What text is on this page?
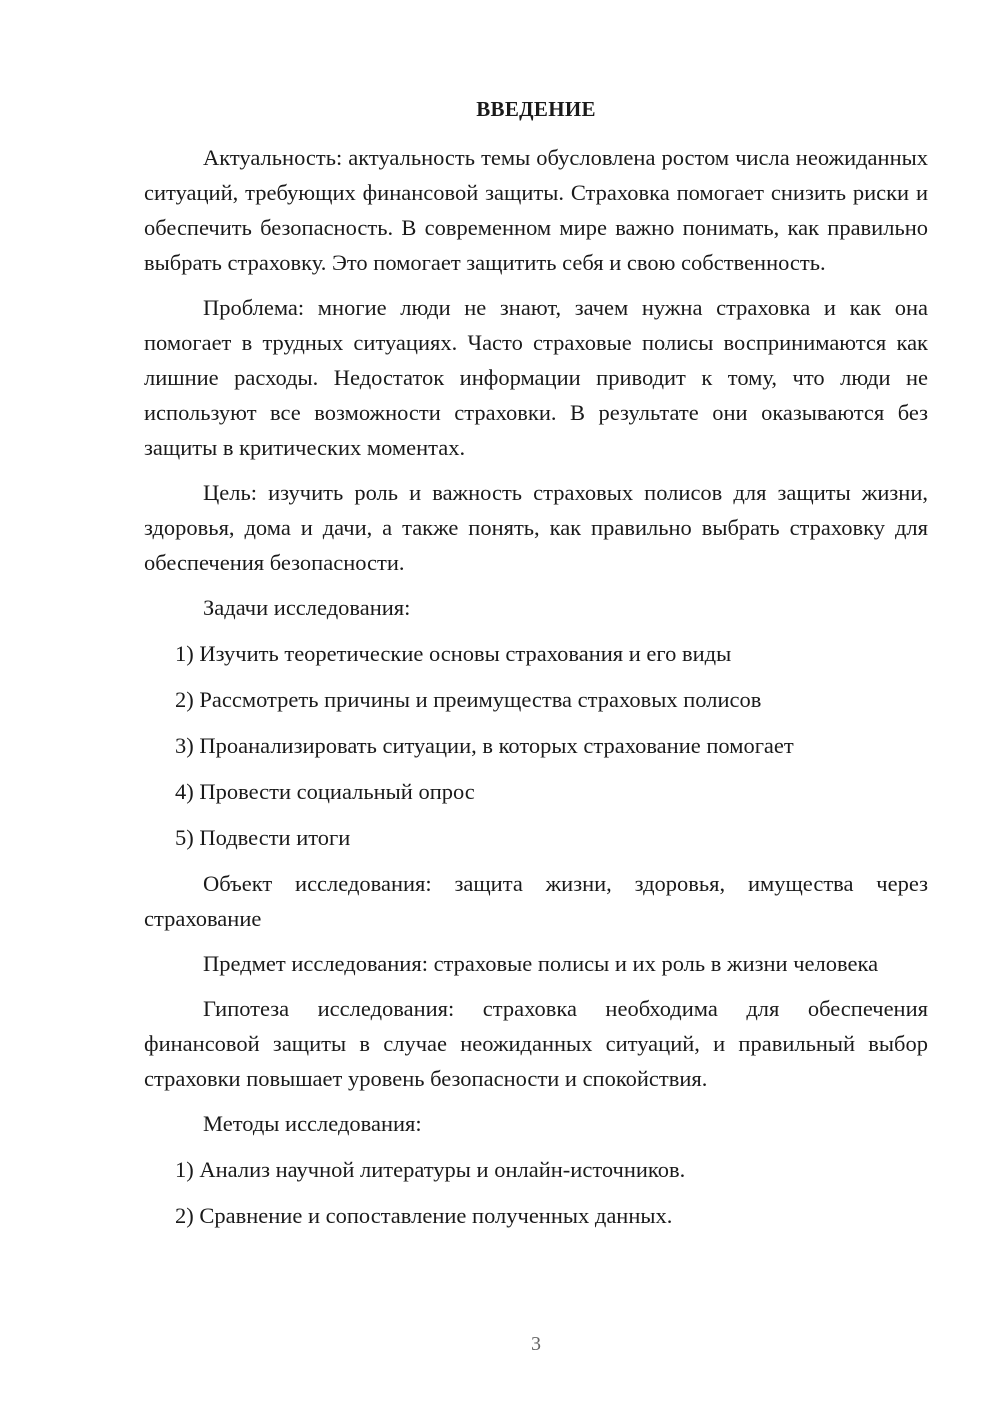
ВВЕДЕНИЕ

Актуальность: актуальность темы обусловлена ростом числа неожиданных ситуаций, требующих финансовой защиты. Страховка помогает снизить риски и обеспечить безопасность. В современном мире важно понимать, как правильно выбрать страховку. Это помогает защитить себя и свою собственность.

Проблема: многие люди не знают, зачем нужна страховка и как она помогает в трудных ситуациях. Часто страховые полисы воспринимаются как лишние расходы. Недостаток информации приводит к тому, что люди не используют все возможности страховки. В результате они оказываются без защиты в критических моментах.

Цель: изучить роль и важность страховых полисов для защиты жизни, здоровья, дома и дачи, а также понять, как правильно выбрать страховку для обеспечения безопасности.

Задачи исследования:
1) Изучить теоретические основы страхования и его виды
2) Рассмотреть причины и преимущества страховых полисов
3) Проанализировать ситуации, в которых страхование помогает
4) Провести социальный опрос
5) Подвести итоги

Объект исследования: защита жизни, здоровья, имущества через страхование

Предмет исследования: страховые полисы и их роль в жизни человека

Гипотеза исследования: страховка необходима для обеспечения финансовой защиты в случае неожиданных ситуаций, и правильный выбор страховки повышает уровень безопасности и спокойствия.

Методы исследования:
1) Анализ научной литературы и онлайн-источников.
2) Сравнение и сопоставление полученных данных.
3
